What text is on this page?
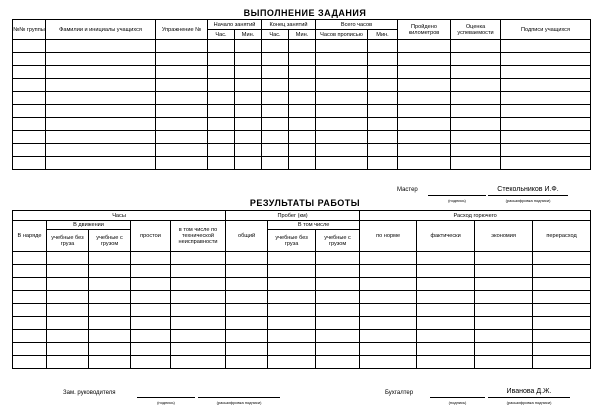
ВЫПОЛНЕНИЕ ЗАДАНИЯ
№№ группы	Фамилии и инициалы учащихся	Упражнение №	Начало занятий		Конец занятий		Всего часов		Пройдено километров	Оценка успеваемости	Подписи учащихся
			Час.	Мин.	Час.	Мин.	Часов прописью	Мин.			

Мастер	Стекольников И.Ф.
(подпись)	(расшифровка подписи)
РЕЗУЛЬТАТЫ РАБОТЫ
Часы					Пробег (км)			Расход горючего			
В наряде	В движении		простои	в том числе по технической неисправности	общий	В том числе		по норме	фактически	экономия	перерасход
	учебные без груза	учебные с грузом				учебные без груза	учебные с грузом				

Зам. руководителя
(подпись)	(расшифровка подписи)
Бухгалтер	Иванова Д.Ж.
(подпись)	(расшифровка подписи)
